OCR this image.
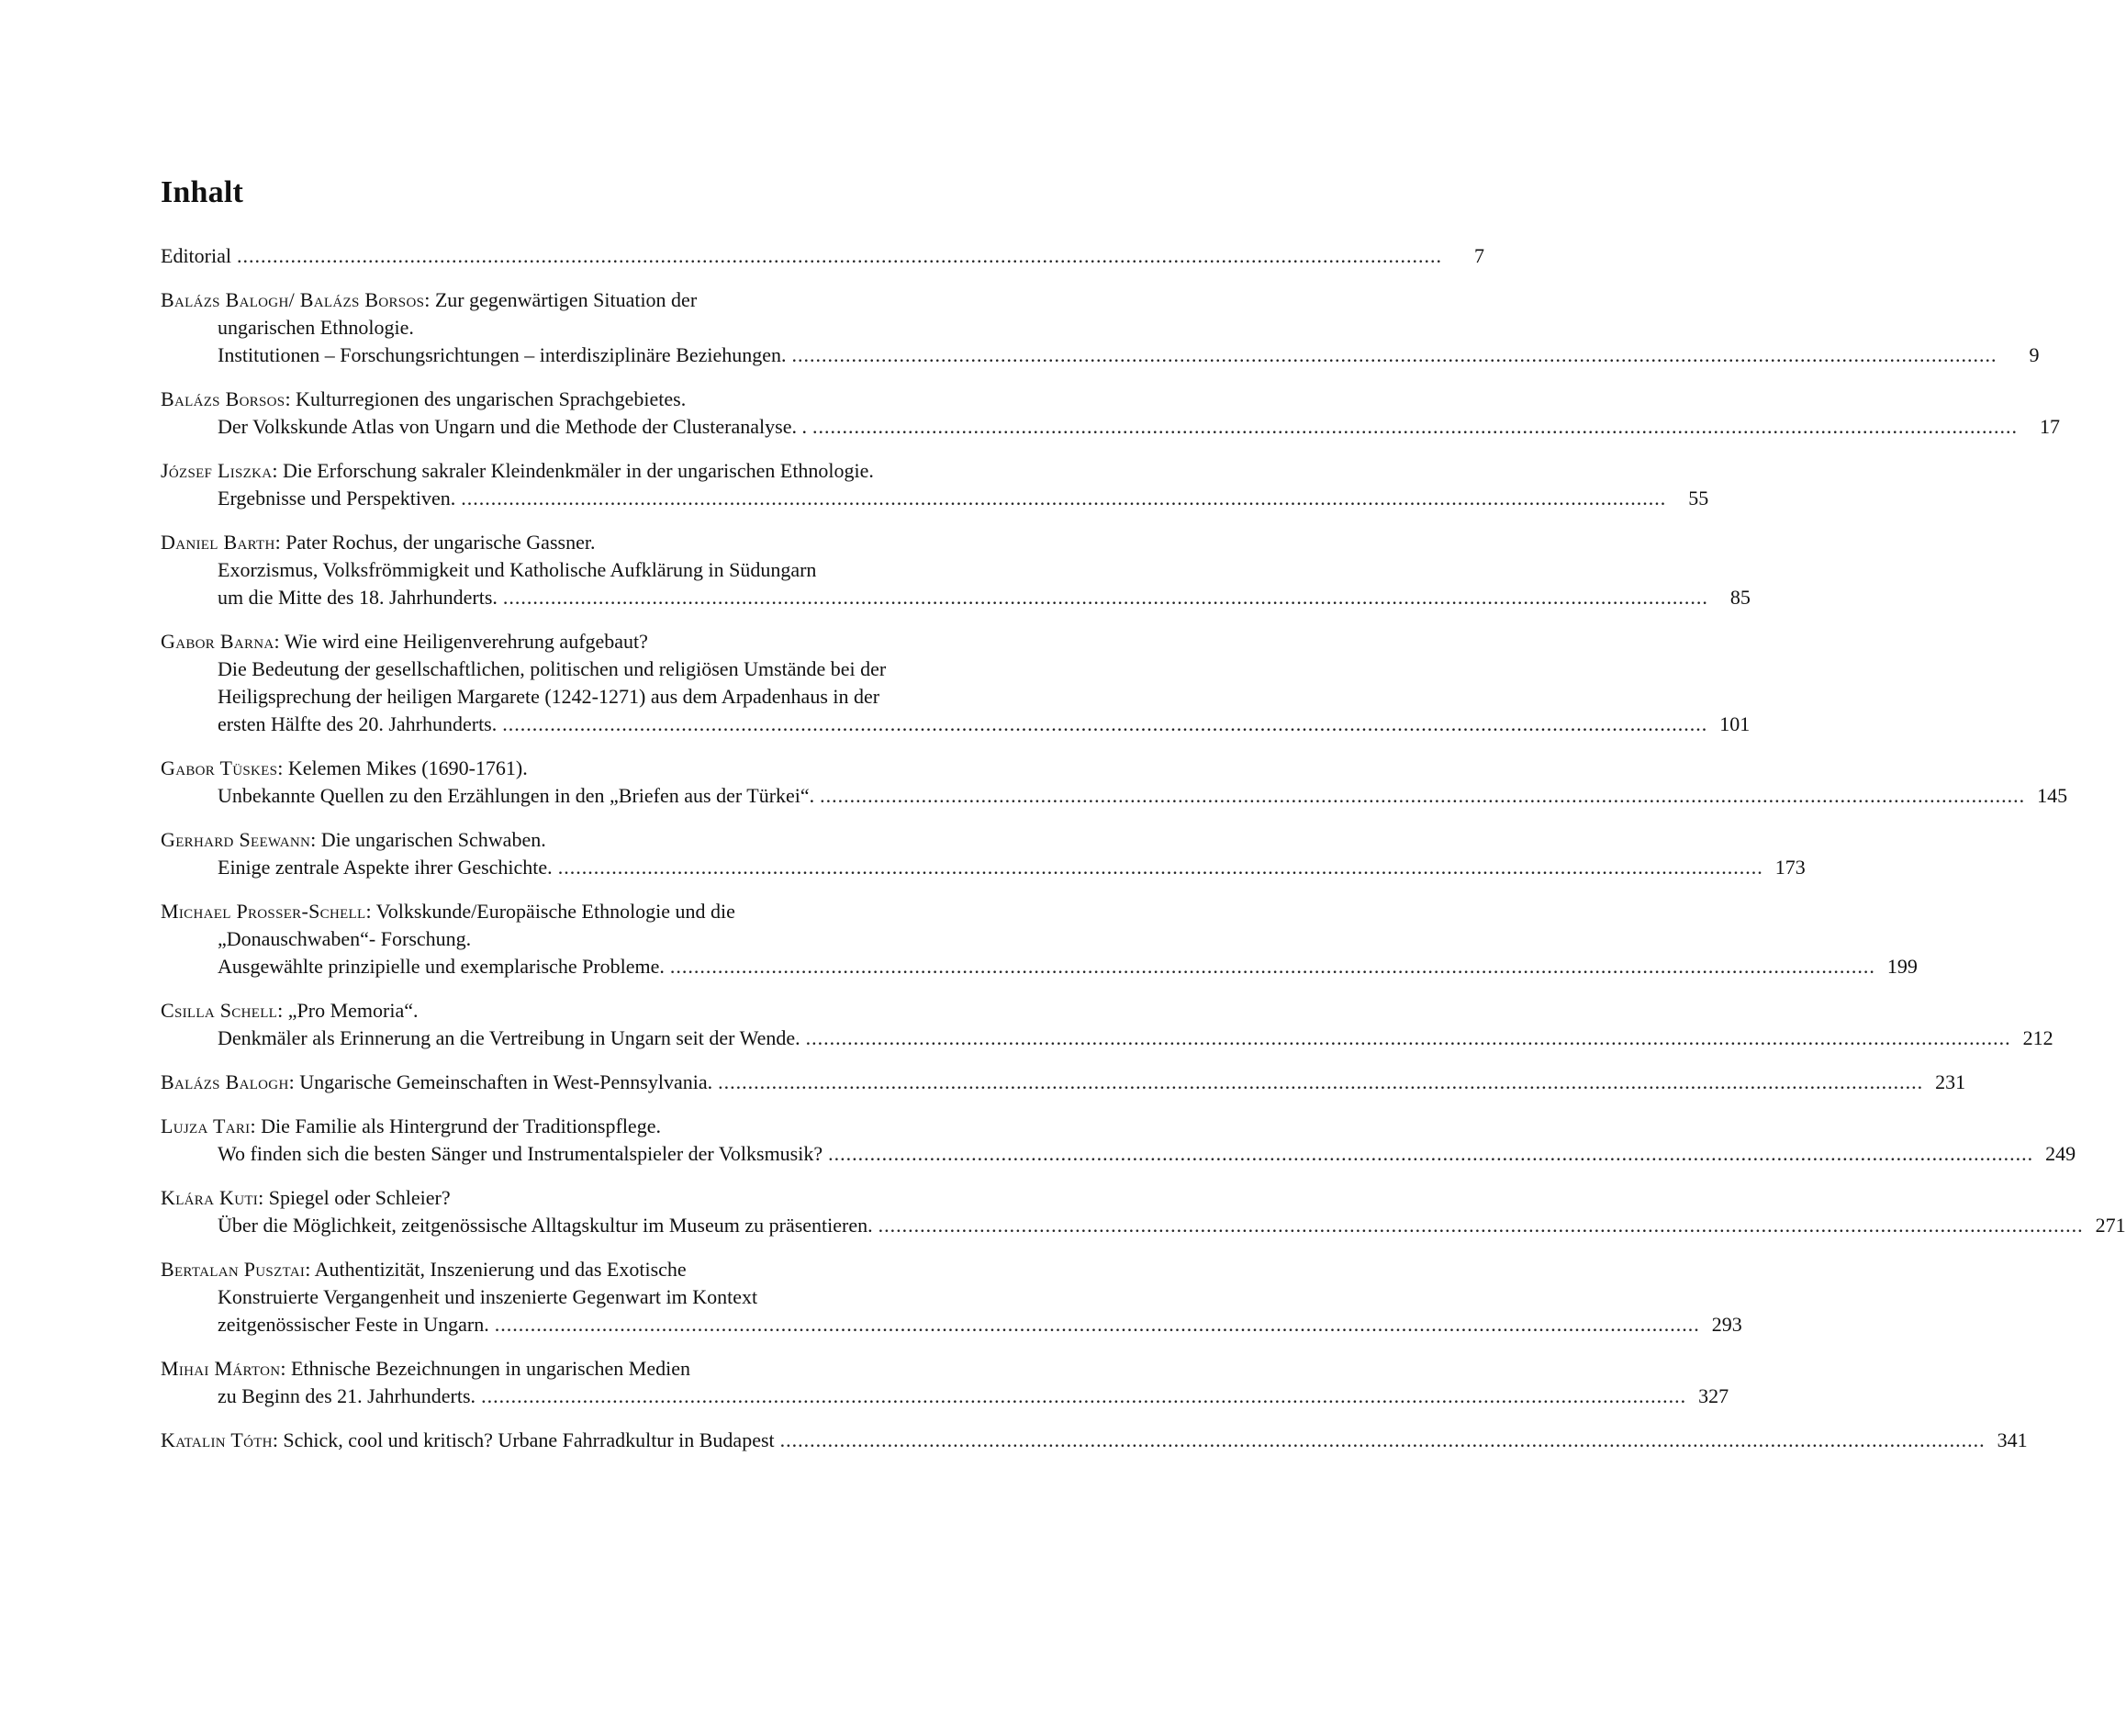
Inhalt
Editorial ..........................................................................................................................................................................................................	7
Balázs Balogh/ Balázs Borsos: Zur gegenwärtigen Situation der
ungarischen Ethnologie.
Institutionen – Forschungsrichtungen – interdisziplinäre Beziehungen. ..........................................................................................................................................................................................................	9
Balázs Borsos: Kulturregionen des ungarischen Sprachgebietes.
Der Volkskunde Atlas von Ungarn und die Methode der Clusteranalyse. . ..........................................................................................................................................................................................................	17
József Liszka: Die Erforschung sakraler Kleindenkmäler in der ungarischen Ethnologie.
Ergebnisse und Perspektiven. ..........................................................................................................................................................................................................	55
Daniel Barth: Pater Rochus, der ungarische Gassner.
Exorzismus, Volksfrömmigkeit und Katholische Aufklärung in Südungarn
um die Mitte des 18. Jahrhunderts. ..........................................................................................................................................................................................................	85
Gabor Barna: Wie wird eine Heiligenverehrung aufgebaut?
Die Bedeutung der gesellschaftlichen, politischen und religiösen Umstände bei der
Heiligsprechung der heiligen Margarete (1242-1271) aus dem Arpadenhaus in der
ersten Hälfte des 20. Jahrhunderts. .......................................................................................................................................................................................................... 101
Gabor Tüskes: Kelemen Mikes (1690-1761).
Unbekannte Quellen zu den Erzählungen in den „Briefen aus der Türkei“. .......................................................................................................................................................................................................... 145
Gerhard Seewann: Die ungarischen Schwaben.
Einige zentrale Aspekte ihrer Geschichte. .......................................................................................................................................................................................................... 173
Michael Prosser-Schell: Volkskunde/Europäische Ethnologie und die
„Donauschwaben“- Forschung.
Ausgewählte prinzipielle und exemplarische Probleme. .......................................................................................................................................................................................................... 199
Csilla Schell: „Pro Memoria“.
Denkmäler als Erinnerung an die Vertreibung in Ungarn seit der Wende. .......................................................................................................................................................................................................... 212
Balázs Balogh: Ungarische Gemeinschaften in West-Pennsylvania. .......................................................................................................................................................................................................... 231
Lujza Tari: Die Familie als Hintergrund der Traditionspflege.
Wo finden sich die besten Sänger und Instrumentalspieler der Volksmusik? .......................................................................................................................................................................................................... 249
Klára Kuti: Spiegel oder Schleier?
Über die Möglichkeit, zeitgenössische Alltagskultur im Museum zu präsentieren. .......................................................................................................................................................................................................... 271
Bertalan Pusztai: Authentizität, Inszenierung und das Exotische
Konstruierte Vergangenheit und inszenierte Gegenwart im Kontext
zeitgenössischer Feste in Ungarn. .......................................................................................................................................................................................................... 293
Mihai Márton: Ethnische Bezeichnungen in ungarischen Medien
zu Beginn des 21. Jahrhunderts. .......................................................................................................................................................................................................... 327
Katalin Tóth: Schick, cool und kritisch? Urbane Fahrradkultur in Budapest .......................................................................................................................................................................................................... 341
